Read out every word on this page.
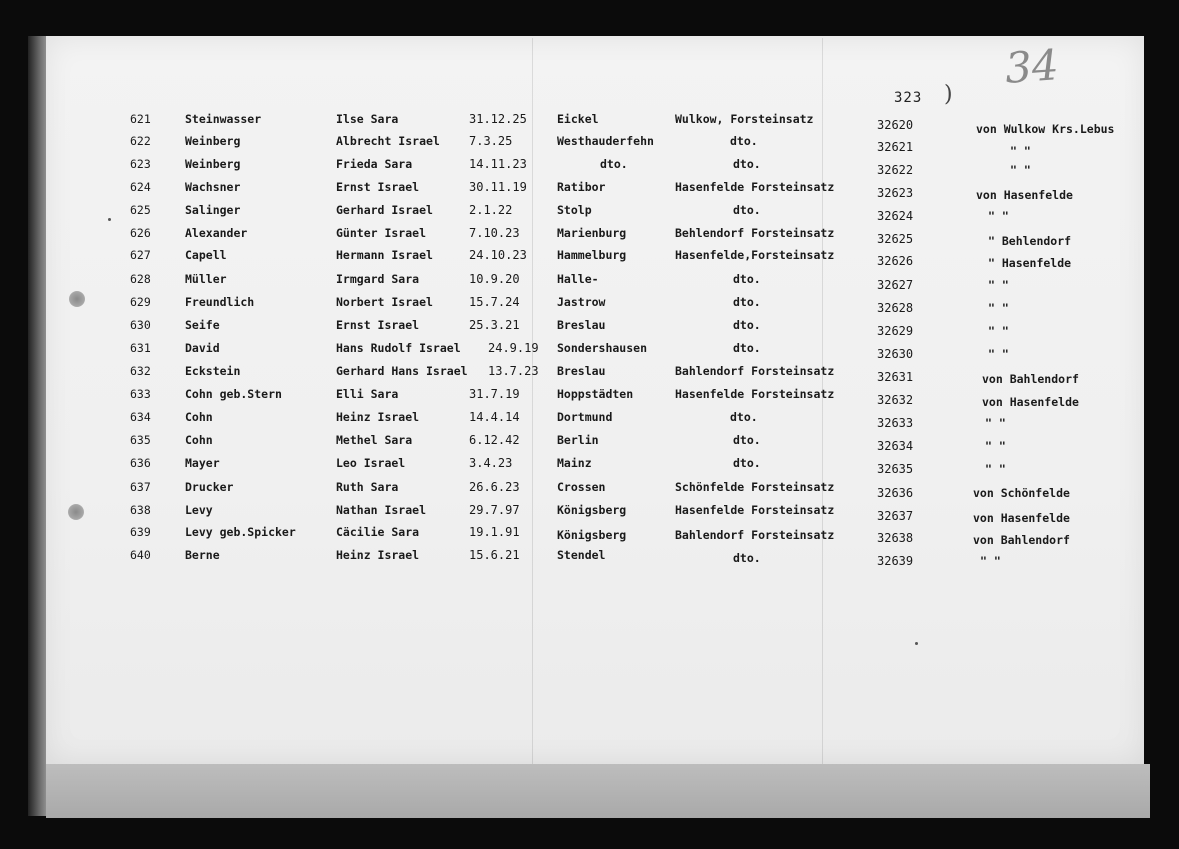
323
34
)
621	Steinwasser	Ilse Sara	31.12.25	Eickel	Wulkow, Forsteinsatz	32620	von Wulkow Krs.Lebus
622	Weinberg	Albrecht Israel 7.3.25	Westhauderfehn	dto.	32621	" "
623	Weinberg	Frieda Sara	14.11.23	dto.	dto.	32622	" "
624	Wachsner	Ernst Israel	30.11.19	Ratibor	Hasenfelde Forsteinsatz	32623	von Hasenfelde
625	Salinger	Gerhard Israel	2.1.22	Stolp	dto.	32624	" "
626	Alexander	Günter Israel	7.10.23	Marienburg	Behlendorf Forsteinsatz	32625	" Behlendorf
627	Capell	Hermann Israel	24.10.23	Hammelburg	Hasenfelde,Forsteinsatz	32626	" Hasenfelde
628	Müller	Irmgard Sara	10.9.20	Halle-	dto.	32627	" "
629	Freundlich	Norbert Israel	15.7.24	Jastrow	dto.	32628	" "
630	Seife	Ernst Israel	25.3.21	Breslau	dto.	32629	" "
631	David	Hans Rudolf Israel 24.9.19 Sondershausen	dto.	32630	" "
632	Eckstein	Gerhard Hans Israel 13.7.23 Breslau	Bahlendorf Forsteinsatz	32631	von Bahlendorf
633	Cohn geb.Stern	Elli Sara	31.7.19	Hoppstädten	Hasenfelde Forsteinsatz	32632	von Hasenfelde
634	Cohn	Heinz Israel	14.4.14	Dortmund	dto.	32633	" "
635	Cohn	Methel Sara	6.12.42	Berlin	dto.	32634	" "
636	Mayer	Leo Israel	3.4.23	Mainz	dto.	32635	" "
637	Drucker	Ruth Sara	26.6.23	Crossen	Schönfelde Forsteinsatz	32636	von Schönfelde
638	Levy	Nathan Israel	29.7.97	Königsberg	Hasenfelde Forsteinsatz	32637	von Hasenfelde
639	Levy geb.Spicker	Cäcilie Sara	19.1.91	Königsberg	Bahlendorf Forsteinsatz	32638	von Bahlendorf
640	Berne	Heinz Israel	15.6.21	Stendel	dto.	32639	" "
